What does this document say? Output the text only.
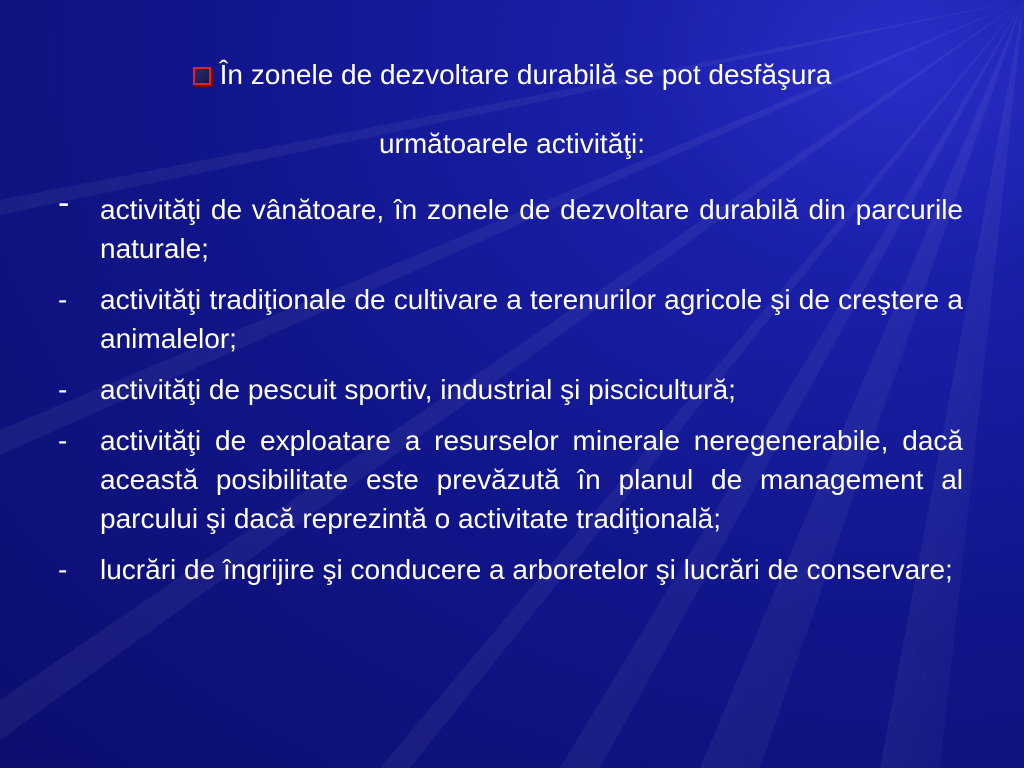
În zonele de dezvoltare durabilă se pot desfăşura
următoarele activităţi:
- activităţi de vânătoare, în zonele de dezvoltare durabilă din parcurile naturale;
- activităţi tradiţionale de cultivare a terenurilor agricole şi de creştere a animalelor;
- activităţi de pescuit sportiv, industrial şi piscicultură;
- activităţi de exploatare a resurselor minerale neregenerabile, dacă această posibilitate este prevăzută în planul de management al parcului şi dacă reprezintă o activitate tradiţională;
- lucrări de îngrijire şi conducere a arboretelor şi lucrări de conservare;
